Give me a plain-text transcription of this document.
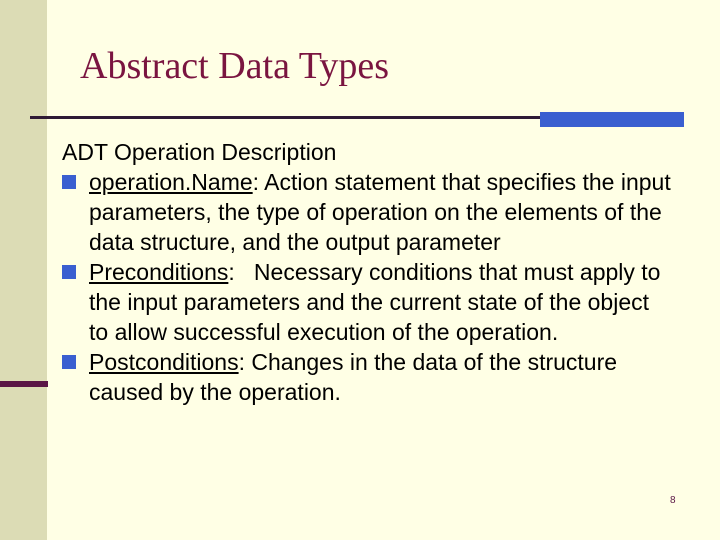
Abstract Data Types
ADT Operation Description
operation.Name: Action statement that specifies the input parameters, the type of operation on the elements of the data structure, and the output parameter
Preconditions:   Necessary conditions that must apply to the input parameters and the current state of the object to allow successful execution of the operation.
Postconditions: Changes in the data of the structure caused by the operation.
8
